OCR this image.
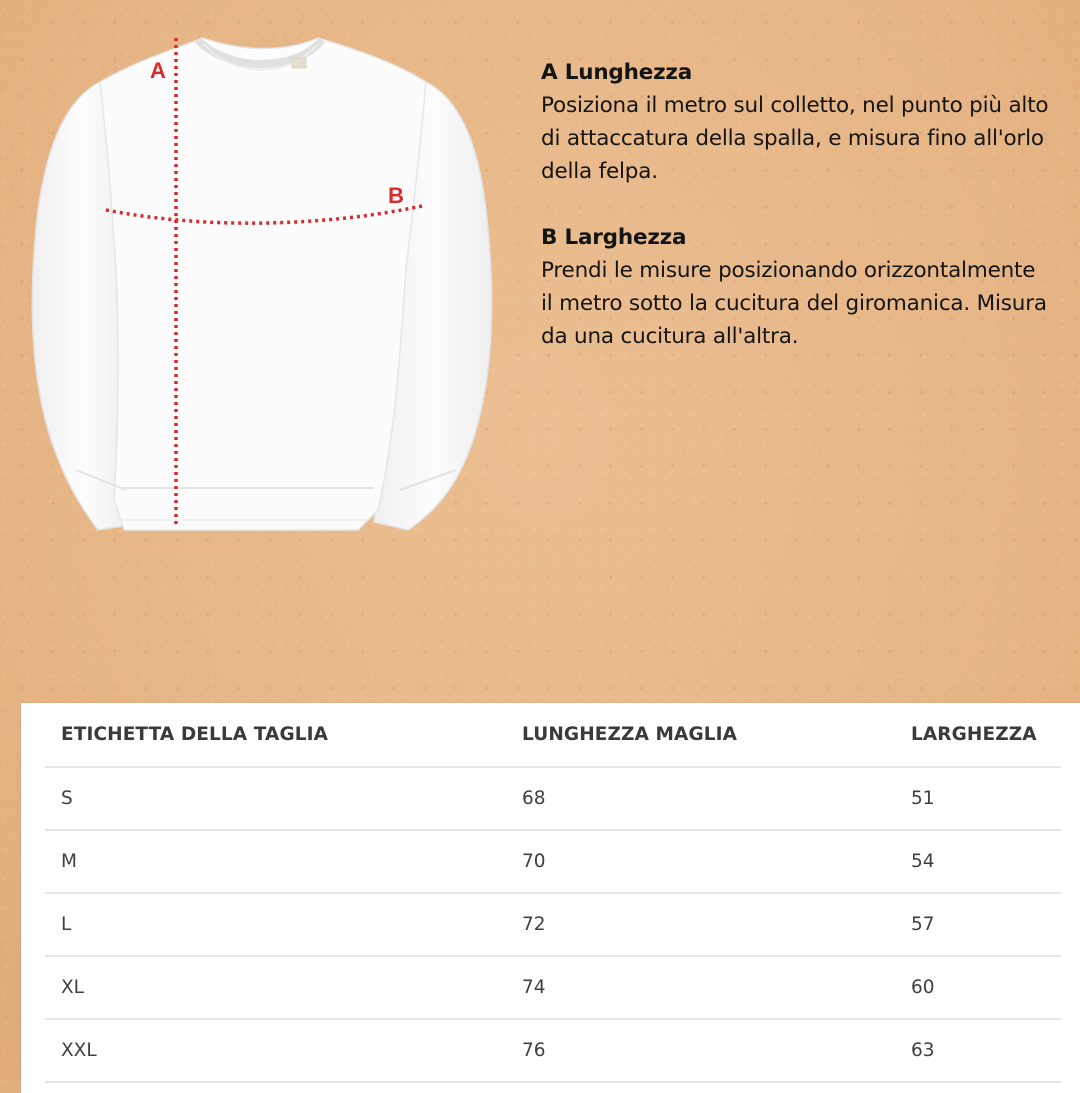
A
B
A Lunghezza
Posiziona il metro sul colletto, nel punto più alto di attaccatura della spalla, e misura fino all'orlo della felpa.
B Larghezza
Prendi le misure posizionando orizzontalmente il metro sotto la cucitura del giromanica. Misura da una cucitura all'altra.
ETICHETTA DELLA TAGLIA	LUNGHEZZA MAGLIA	LARGHEZZA
S	68	51
M	70	54
L	72	57
XL	74	60
XXL	76	63
